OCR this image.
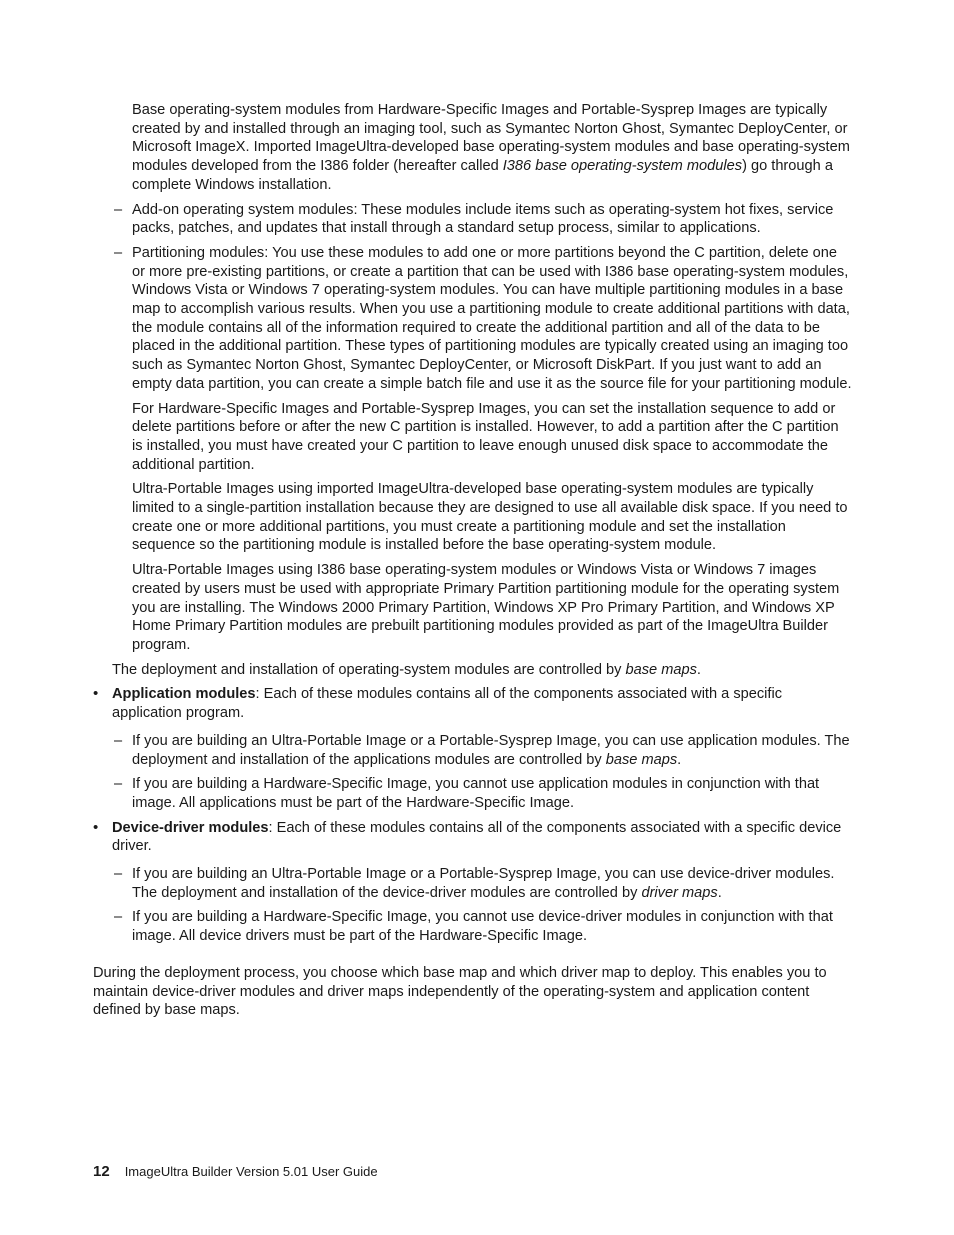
Base operating-system modules from Hardware-Specific Images and Portable-Sysprep Images are typically created by and installed through an imaging tool, such as Symantec Norton Ghost, Symantec DeployCenter, or Microsoft ImageX. Imported ImageUltra-developed base operating-system modules and base operating-system modules developed from the I386 folder (hereafter called I386 base operating-system modules) go through a complete Windows installation.

– Add-on operating system modules: These modules include items such as operating-system hot fixes, service packs, patches, and updates that install through a standard setup process, similar to applications.

– Partitioning modules: You use these modules to add one or more partitions beyond the C partition, delete one or more pre-existing partitions, or create a partition that can be used with I386 base operating-system modules, Windows Vista or Windows 7 operating-system modules. You can have multiple partitioning modules in a base map to accomplish various results. When you use a partitioning module to create additional partitions with data, the module contains all of the information required to create the additional partition and all of the data to be placed in the additional partition. These types of partitioning modules are typically created using an imaging too such as Symantec Norton Ghost, Symantec DeployCenter, or Microsoft DiskPart. If you just want to add an empty data partition, you can create a simple batch file and use it as the source file for your partitioning module.

For Hardware-Specific Images and Portable-Sysprep Images, you can set the installation sequence to add or delete partitions before or after the new C partition is installed. However, to add a partition after the C partition is installed, you must have created your C partition to leave enough unused disk space to accommodate the additional partition.

Ultra-Portable Images using imported ImageUltra-developed base operating-system modules are typically limited to a single-partition installation because they are designed to use all available disk space. If you need to create one or more additional partitions, you must create a partitioning module and set the installation sequence so the partitioning module is installed before the base operating-system module.

Ultra-Portable Images using I386 base operating-system modules or Windows Vista or Windows 7 images created by users must be used with appropriate Primary Partition partitioning module for the operating system you are installing. The Windows 2000 Primary Partition, Windows XP Pro Primary Partition, and Windows XP Home Primary Partition modules are prebuilt partitioning modules provided as part of the ImageUltra Builder program.

The deployment and installation of operating-system modules are controlled by base maps.

• Application modules: Each of these modules contains all of the components associated with a specific application program.

– If you are building an Ultra-Portable Image or a Portable-Sysprep Image, you can use application modules. The deployment and installation of the applications modules are controlled by base maps.

– If you are building a Hardware-Specific Image, you cannot use application modules in conjunction with that image. All applications must be part of the Hardware-Specific Image.

• Device-driver modules: Each of these modules contains all of the components associated with a specific device driver.

– If you are building an Ultra-Portable Image or a Portable-Sysprep Image, you can use device-driver modules. The deployment and installation of the device-driver modules are controlled by driver maps.

– If you are building a Hardware-Specific Image, you cannot use device-driver modules in conjunction with that image. All device drivers must be part of the Hardware-Specific Image.

During the deployment process, you choose which base map and which driver map to deploy. This enables you to maintain device-driver modules and driver maps independently of the operating-system and application content defined by base maps.

12 ImageUltra Builder Version 5.01 User Guide
